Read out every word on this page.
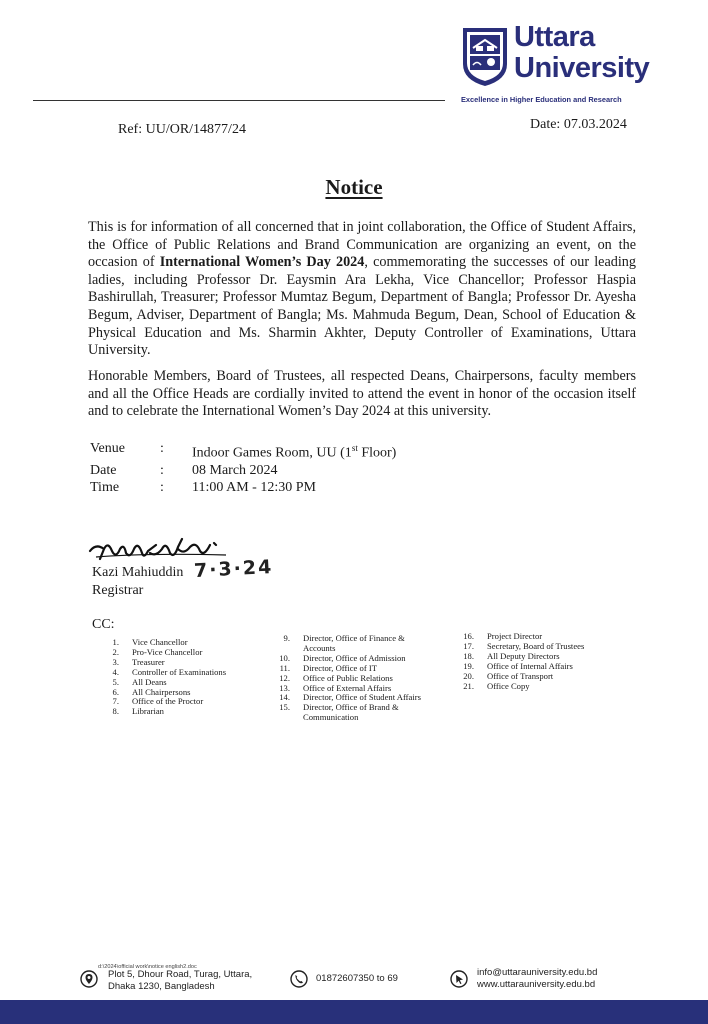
Uttara
University
Excellence in Higher Education and Research
Ref: UU/OR/14877/24	Date: 07.03.2024
Notice
This is for information of all concerned that in joint collaboration, the Office of Student Affairs, the Office of Public Relations and Brand Communication are organizing an event, on the occasion of International Women’s Day 2024, commemorating the successes of our leading ladies, including Professor Dr. Eaysmin Ara Lekha, Vice Chancellor; Professor Haspia Bashirullah, Treasurer; Professor Mumtaz Begum, Department of Bangla; Professor Dr. Ayesha Begum, Adviser, Department of Bangla; Ms. Mahmuda Begum, Dean, School of Education & Physical Education and Ms. Sharmin Akhter, Deputy Controller of Examinations, Uttara University.
Honorable Members, Board of Trustees, all respected Deans, Chairpersons, faculty members and all the Office Heads are cordially invited to attend the event in honor of the occasion itself and to celebrate the International Women’s Day 2024 at this university.
Venue	:	Indoor Games Room, UU (1st Floor)
Date	:	08 March 2024
Time	:	11:00 AM - 12:30 PM
7·3·24
Kazi Mahiuddin
Registrar
CC:
1. Vice Chancellor
2. Pro-Vice Chancellor
3. Treasurer
4. Controller of Examinations
5. All Deans
6. All Chairpersons
7. Office of the Proctor
8. Librarian
9. Director, Office of Finance & Accounts
10. Director, Office of Admission
11. Director, Office of IT
12. Office of Public Relations
13. Office of External Affairs
14. Director, Office of Student Affairs
15. Director, Office of Brand & Communication
16. Project Director
17. Secretary, Board of Trustees
18. All Deputy Directors
19. Office of Internal Affairs
20. Office of Transport
21. Office Copy
d:\2024\official work\notice english2.doc
Plot 5, Dhour Road, Turag, Uttara,
Dhaka 1230, Bangladesh
01872607350 to 69
info@uttarauniversity.edu.bd
www.uttarauniversity.edu.bd
